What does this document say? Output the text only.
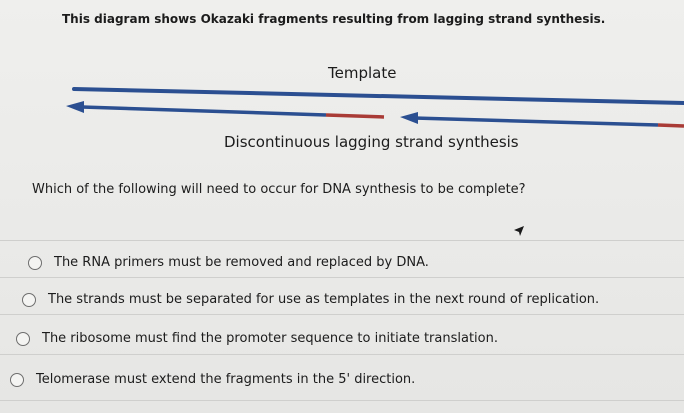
This diagram shows Okazaki fragments resulting from lagging strand synthesis.
Template
Discontinuous lagging strand synthesis
Which of the following will need to occur for DNA synthesis to be complete?
The RNA primers must be removed and replaced by DNA.
The strands must be separated for use as templates in the next round of replication.
The ribosome must find the promoter sequence to initiate translation.
Telomerase must extend the fragments in the 5' direction.
